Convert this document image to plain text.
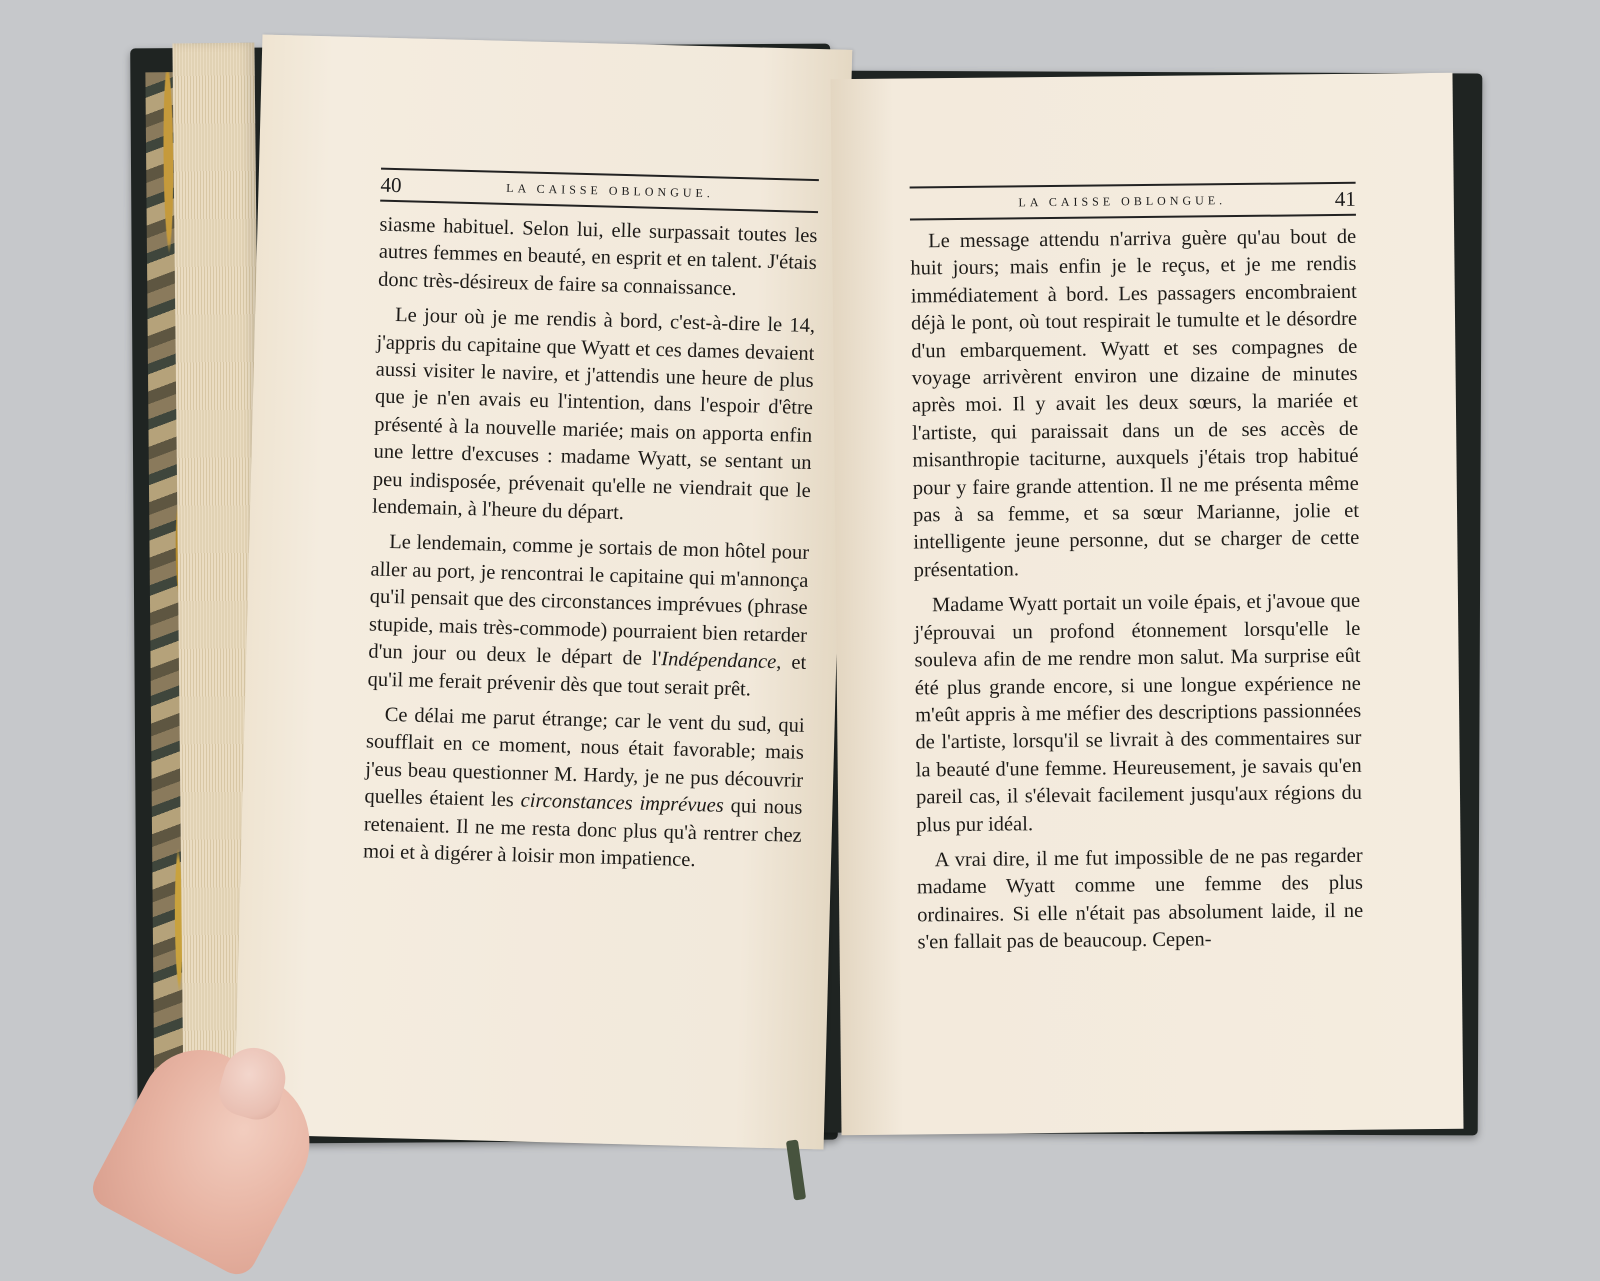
40	LA CAISSE OBLONGUE.

siasme habituel. Selon lui, elle surpassait toutes les autres femmes en beauté, en esprit et en talent. J'étais donc très-désireux de faire sa connaissance.

Le jour où je me rendis à bord, c'est-à-dire le 14, j'appris du capitaine que Wyatt et ces dames devaient aussi visiter le navire, et j'attendis une heure de plus que je n'en avais eu l'intention, dans l'espoir d'être présenté à la nouvelle mariée; mais on apporta enfin une lettre d'excuses : madame Wyatt, se sentant un peu indisposée, prévenait qu'elle ne viendrait que le lendemain, à l'heure du départ.

Le lendemain, comme je sortais de mon hôtel pour aller au port, je rencontrai le capitaine qui m'annonça qu'il pensait que des circonstances imprévues (phrase stupide, mais très-commode) pourraient bien retarder d'un jour ou deux le départ de l'Indépendance, et qu'il me ferait prévenir dès que tout serait prêt.

Ce délai me parut étrange; car le vent du sud, qui soufflait en ce moment, nous était favorable; mais j'eus beau questionner M. Hardy, je ne pus découvrir quelles étaient les circonstances imprévues qui nous retenaient. Il ne me resta donc plus qu'à rentrer chez moi et à digérer à loisir mon impatience.

LA CAISSE OBLONGUE.	41

Le message attendu n'arriva guère qu'au bout de huit jours; mais enfin je le reçus, et je me rendis immédiatement à bord. Les passagers encombraient déjà le pont, où tout respirait le tumulte et le désordre d'un embarquement. Wyatt et ses compagnes de voyage arrivèrent environ une dizaine de minutes après moi. Il y avait les deux sœurs, la mariée et l'artiste, qui paraissait dans un de ses accès de misanthropie taciturne, auxquels j'étais trop habitué pour y faire grande attention. Il ne me présenta même pas à sa femme, et sa sœur Marianne, jolie et intelligente jeune personne, dut se charger de cette présentation.

Madame Wyatt portait un voile épais, et j'avoue que j'éprouvai un profond étonnement lorsqu'elle le souleva afin de me rendre mon salut. Ma surprise eût été plus grande encore, si une longue expérience ne m'eût appris à me méfier des descriptions passionnées de l'artiste, lorsqu'il se livrait à des commentaires sur la beauté d'une femme. Heureusement, je savais qu'en pareil cas, il s'élevait facilement jusqu'aux régions du plus pur idéal.

A vrai dire, il me fut impossible de ne pas regarder madame Wyatt comme une femme des plus ordinaires. Si elle n'était pas absolument laide, il ne s'en fallait pas de beaucoup. Cepen-
